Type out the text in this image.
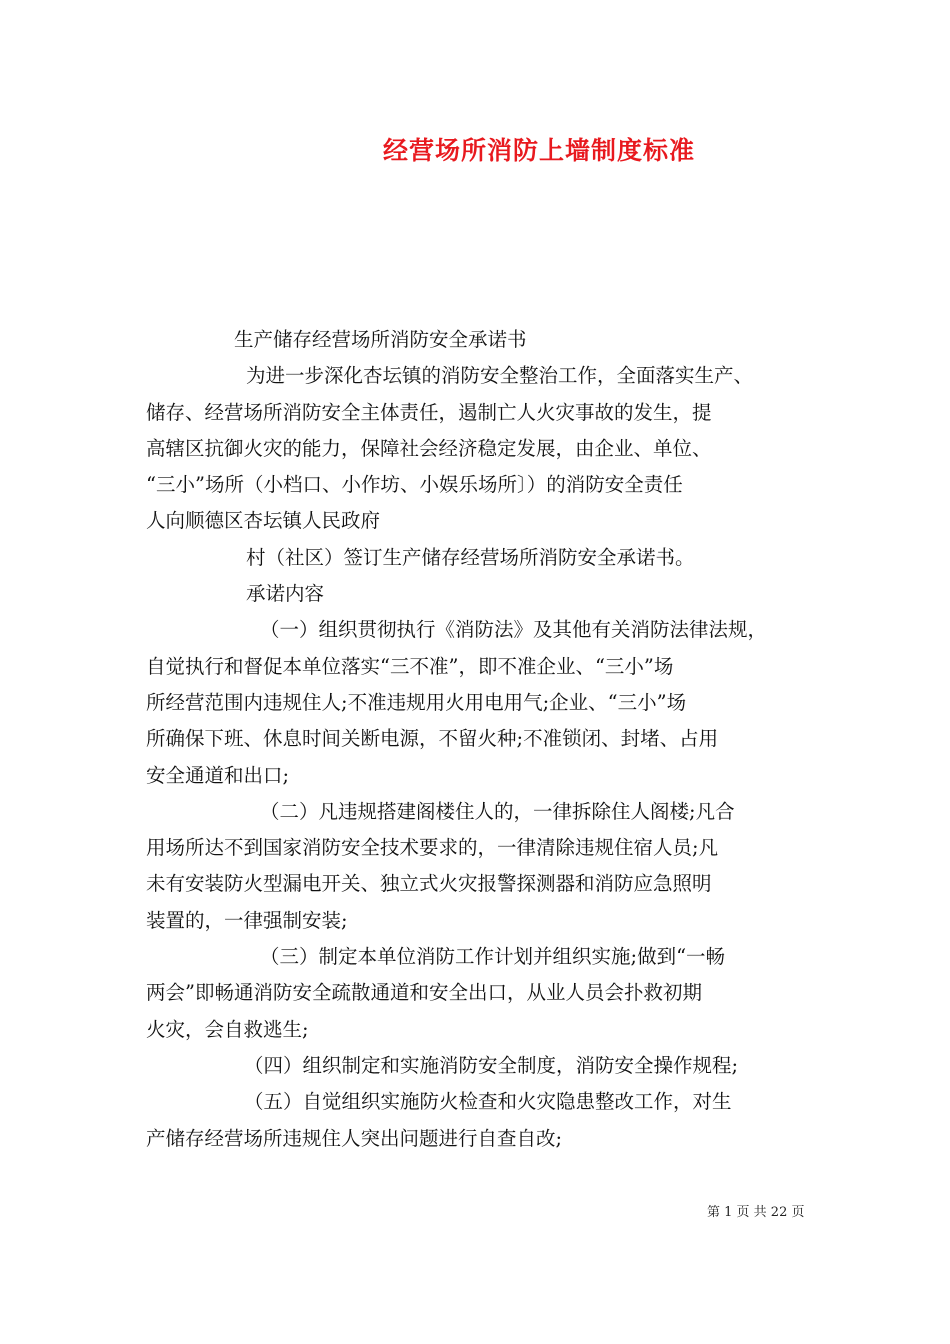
经营场所消防上墙制度标准
生产储存经营场所消防安全承诺书
为进一步深化杏坛镇的消防安全整治工作，全面落实生产、
储存、经营场所消防安全主体责任，遏制亡人火灾事故的发生，提
高辖区抗御火灾的能力，保障社会经济稳定发展，由企业、单位、
“三小”场所（小档口、小作坊、小娱乐场所〕）的消防安全责任
人向顺德区杏坛镇人民政府
村（社区）签订生产储存经营场所消防安全承诺书。
承诺内容
（一）组织贯彻执行《消防法》及其他有关消防法律法规，
自觉执行和督促本单位落实“三不准”，即不准企业、“三小”场
所经营范围内违规住人;不准违规用火用电用气;企业、“三小”场
所确保下班、休息时间关断电源，不留火种;不准锁闭、封堵、占用
安全通道和出口;
（二）凡违规搭建阁楼住人的，一律拆除住人阁楼;凡合
用场所达不到国家消防安全技术要求的，一律清除违规住宿人员;凡
未有安装防火型漏电开关、独立式火灾报警探测器和消防应急照明
装置的，一律强制安装;
（三）制定本单位消防工作计划并组织实施;做到“一畅
两会”即畅通消防安全疏散通道和安全出口，从业人员会扑救初期
火灾，会自救逃生;
（四）组织制定和实施消防安全制度，消防安全操作规程;
（五）自觉组织实施防火检查和火灾隐患整改工作，对生
产储存经营场所违规住人突出问题进行自查自改;
第 1 页 共 22 页
